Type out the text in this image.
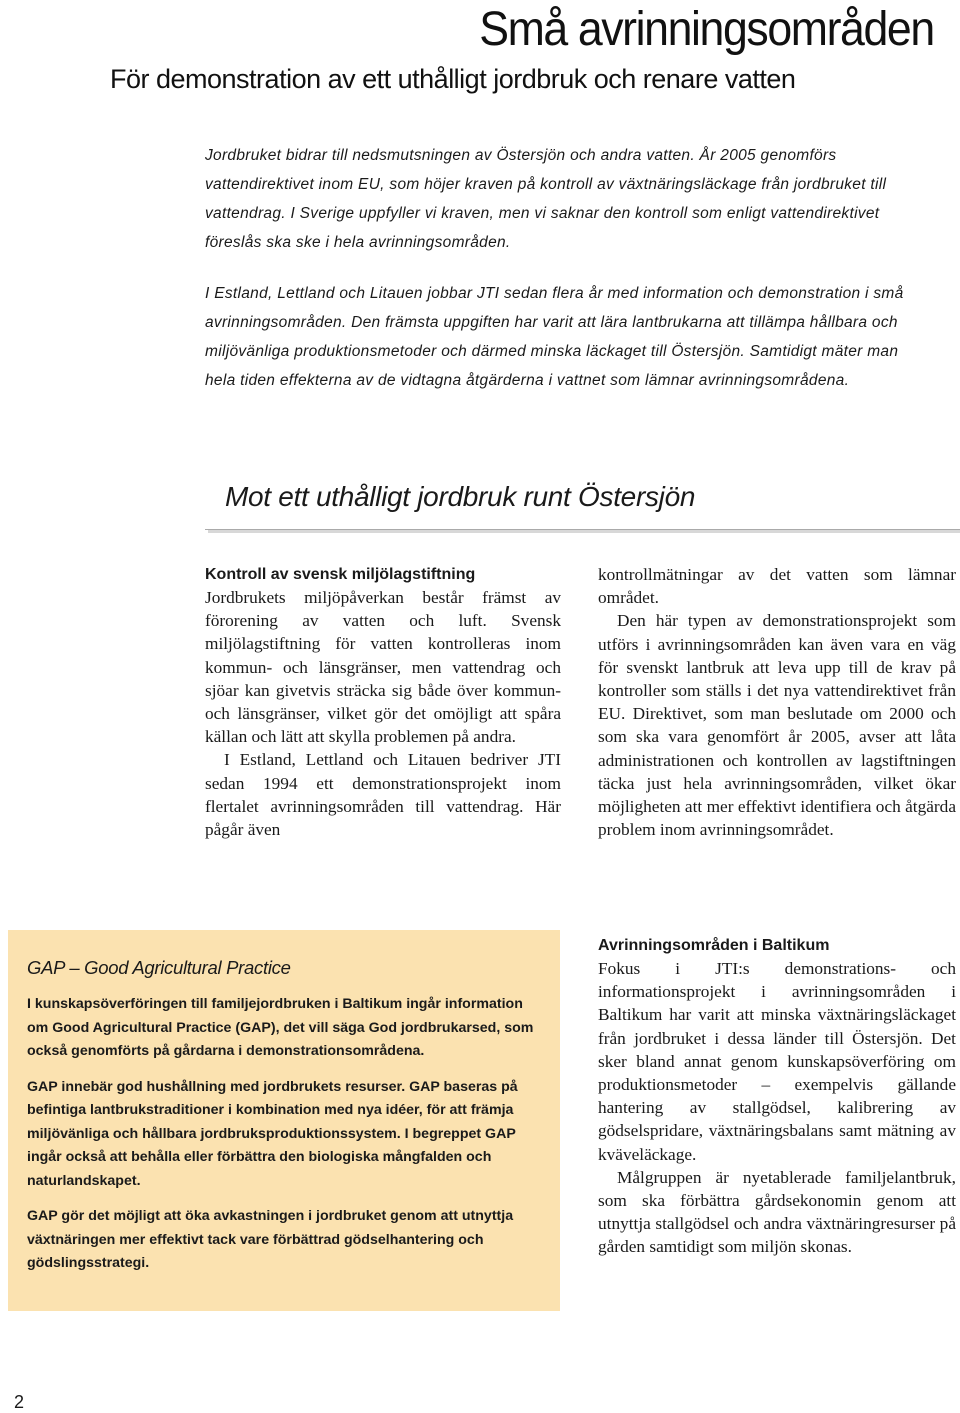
Små avrinningsområden
För demonstration av ett uthålligt jordbruk och renare vatten

Jordbruket bidrar till nedsmutsningen av Östersjön och andra vatten. År 2005 genomförs vattendirektivet inom EU, som höjer kraven på kontroll av växtnäringsläckage från jordbruket till vattendrag. I Sverige uppfyller vi kraven, men vi saknar den kontroll som enligt vattendirektivet föreslås ska ske i hela avrinningsområden.

I Estland, Lettland och Litauen jobbar JTI sedan flera år med information och demonstration i små avrinningsområden. Den främsta uppgiften har varit att lära lantbrukarna att tillämpa hållbara och miljövänliga produktionsmetoder och därmed minska läckaget till Östersjön. Samtidigt mäter man hela tiden effekterna av de vidtagna åtgärderna i vattnet som lämnar avrinningsområdena.

Mot ett uthålligt jordbruk runt Östersjön
Kontroll av svensk miljölagstiftning

Jordbrukets miljöpåverkan består främst av förorening av vatten och luft. Svensk miljölagstiftning för vatten kontrolleras inom kommun- och länsgränser, men vattendrag och sjöar kan givetvis sträcka sig både över kommun- och länsgränser, vilket gör det omöjligt att spåra källan och lätt att skylla problemen på andra.

I Estland, Lettland och Litauen bedriver JTI sedan 1994 ett demonstrationsprojekt inom flertalet avrinningsområden till vattendrag. Här pågår även

kontrollmätningar av det vatten som lämnar området.

Den här typen av demonstrationsprojekt som utförs i avrinningsområden kan även vara en väg för svenskt lantbruk att leva upp till de krav på kontroller som ställs i det nya vattendirektivet från EU. Direktivet, som man beslutade om 2000 och som ska vara genomfört år 2005, avser att låta administrationen och kontrollen av lagstiftningen täcka just hela avrinningsområden, vilket ökar möjligheten att mer effektivt identifiera och åtgärda problem inom avrinningsområdet.

Avrinningsområden i Baltikum

Fokus i JTI:s demonstrations- och informationsprojekt i avrinningsområden i Baltikum har varit att minska växtnäringsläckaget från jordbruket i dessa länder till Östersjön. Det sker bland annat genom kunskapsöverföring om produktionsmetoder – exempelvis gällande hantering av stallgödsel, kalibrering av gödselspridare, växtnäringsbalans samt mätning av kväveläckage.

Målgruppen är nyetablerade familjelantbruk, som ska förbättra gårdsekonomin genom att utnyttja stallgödsel och andra växtnäringresurser på gården samtidigt som miljön skonas.

GAP – Good Agricultural Practice

I kunskapsöverföringen till familjejordbruken i Baltikum ingår information om Good Agricultural Practice (GAP), det vill säga God jordbrukarsed, som också genomförts på gårdarna i demonstrationsområdena.

GAP innebär god hushållning med jordbrukets resurser. GAP baseras på befintiga lantbrukstraditioner i kombination med nya idéer, för att främja miljövänliga och hållbara jordbruksproduktionssystem. I begreppet GAP ingår också att behålla eller förbättra den biologiska mångfalden och naturlandskapet.

GAP gör det möjligt att öka avkastningen i jordbruket genom att utnyttja växtnäringen mer effektivt tack vare förbättrad gödselhantering och gödslingsstrategi.

2
